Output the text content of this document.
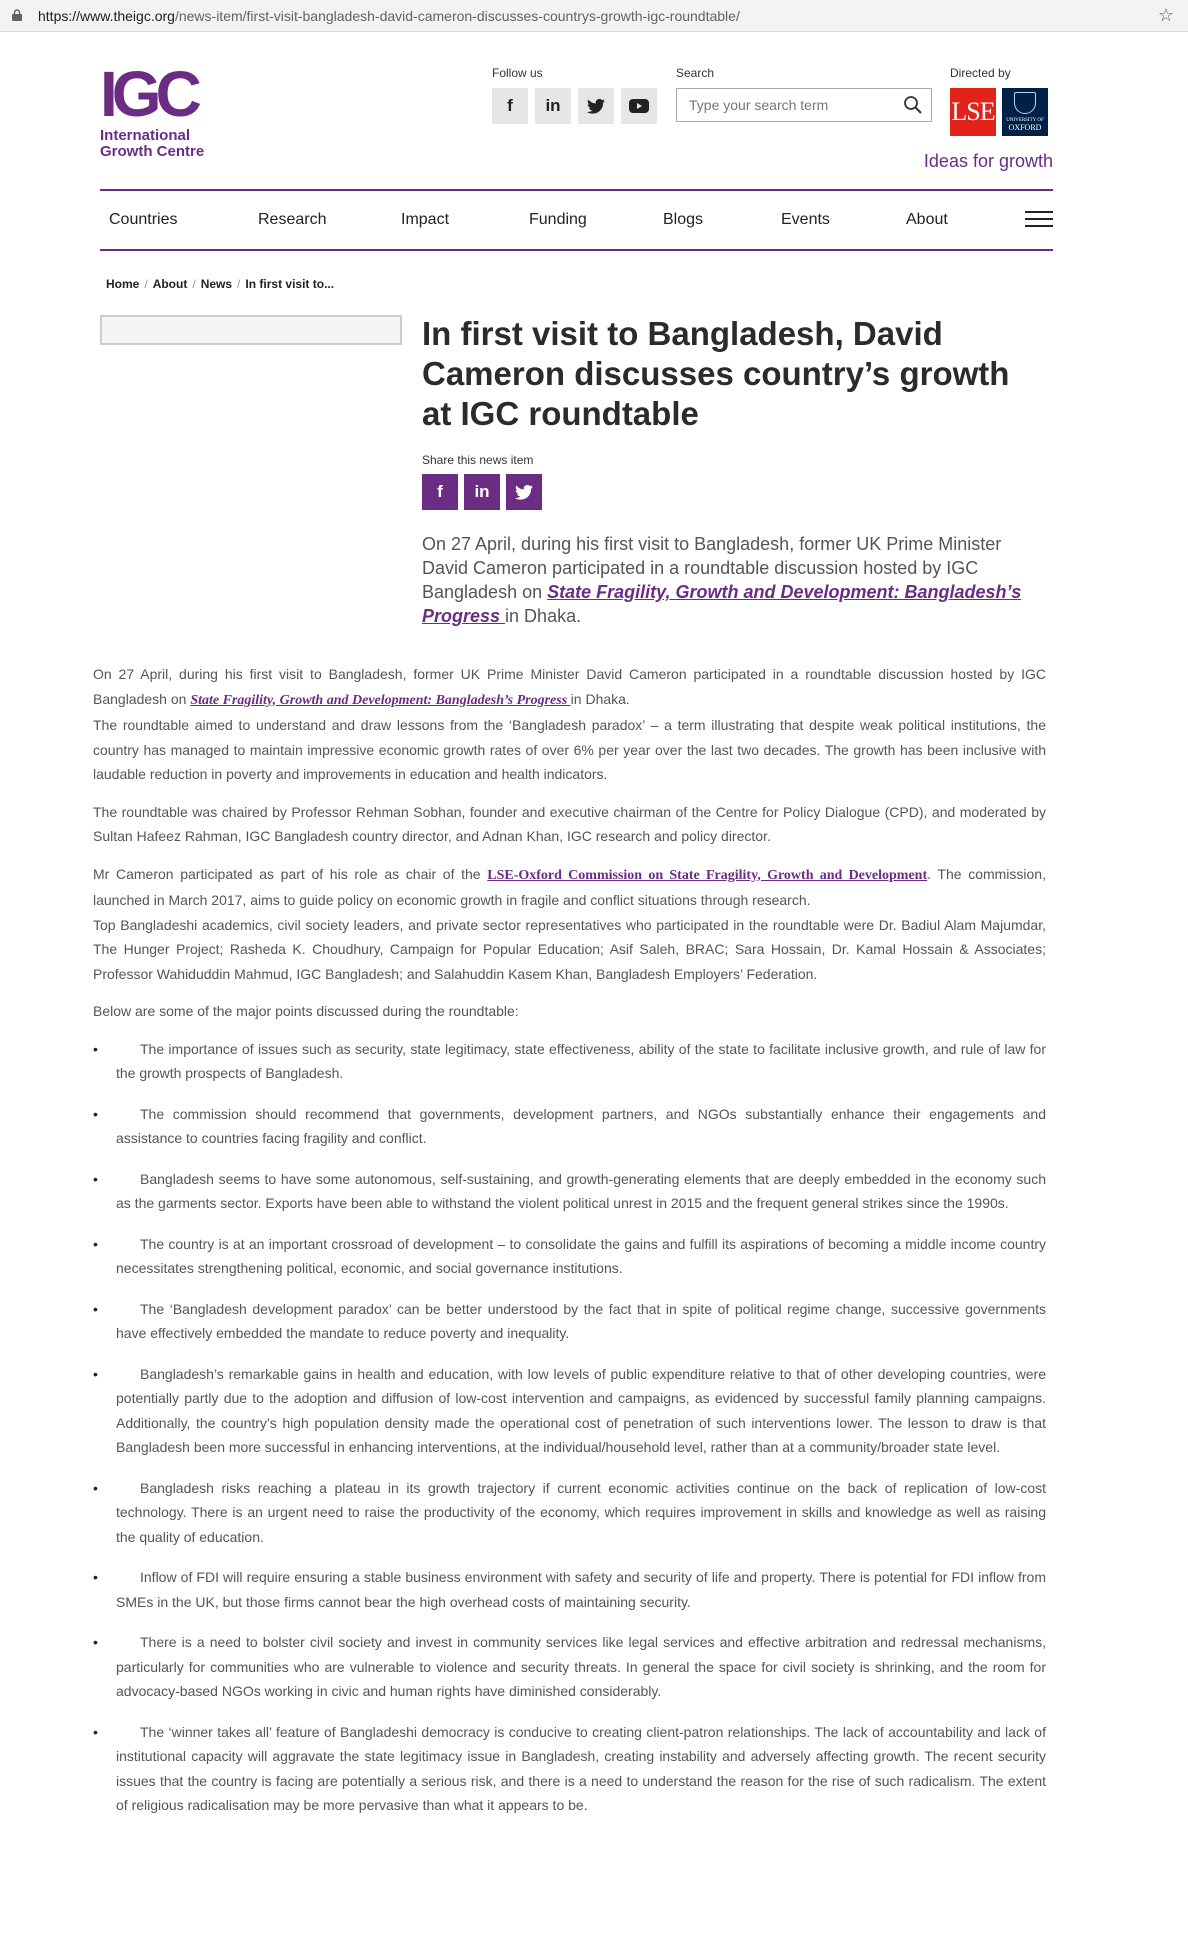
https://www.theigc.org/news-item/first-visit-bangladesh-david-cameron-discusses-countrys-growth-igc-roundtable/	☆
IGC
International
Growth Centre
Follow us
f	in
Search
Type your search term	Directed by
LSE UNIVERSITY OF
OXFORD
Ideas for growth
Countries	Research	Impact	Funding	Blogs	Events	About
Home / About / News / In first visit to...
In first visit to Bangladesh, David Cameron discusses country’s growth at IGC roundtable
Share this news item
f	in

On 27 April, during his first visit to Bangladesh, former UK Prime Minister David Cameron participated in a roundtable discussion hosted by IGC Bangladesh on State Fragility, Growth and Development: Bangladesh’s Progress in Dhaka.

On 27 April, during his first visit to Bangladesh, former UK Prime Minister David Cameron participated in a roundtable discussion hosted by IGC Bangladesh on State Fragility, Growth and Development: Bangladesh’s Progress in Dhaka.

The roundtable aimed to understand and draw lessons from the ‘Bangladesh paradox’ – a term illustrating that despite weak political institutions, the country has managed to maintain impressive economic growth rates of over 6% per year over the last two decades. The growth has been inclusive with laudable reduction in poverty and improvements in education and health indicators.

The roundtable was chaired by Professor Rehman Sobhan, founder and executive chairman of the Centre for Policy Dialogue (CPD), and moderated by Sultan Hafeez Rahman, IGC Bangladesh country director, and Adnan Khan, IGC research and policy director.

Mr Cameron participated as part of his role as chair of the LSE-Oxford Commission on State Fragility, Growth and Development. The commission, launched in March 2017, aims to guide policy on economic growth in fragile and conflict situations through research.

Top Bangladeshi academics, civil society leaders, and private sector representatives who participated in the roundtable were Dr. Badiul Alam Majumdar, The Hunger Project; Rasheda K. Choudhury, Campaign for Popular Education; Asif Saleh, BRAC; Sara Hossain, Dr. Kamal Hossain & Associates; Professor Wahiduddin Mahmud, IGC Bangladesh; and Salahuddin Kasem Khan, Bangladesh Employers’ Federation.

Below are some of the major points discussed during the roundtable:

• The importance of issues such as security, state legitimacy, state effectiveness, ability of the state to facilitate inclusive growth, and rule of law for the growth prospects of Bangladesh.
• The commission should recommend that governments, development partners, and NGOs substantially enhance their engagements and assistance to countries facing fragility and conflict.
• Bangladesh seems to have some autonomous, self-sustaining, and growth-generating elements that are deeply embedded in the economy such as the garments sector. Exports have been able to withstand the violent political unrest in 2015 and the frequent general strikes since the 1990s.
• The country is at an important crossroad of development – to consolidate the gains and fulfill its aspirations of becoming a middle income country necessitates strengthening political, economic, and social governance institutions.
• The ‘Bangladesh development paradox’ can be better understood by the fact that in spite of political regime change, successive governments have effectively embedded the mandate to reduce poverty and inequality.
• Bangladesh’s remarkable gains in health and education, with low levels of public expenditure relative to that of other developing countries, were potentially partly due to the adoption and diffusion of low-cost intervention and campaigns, as evidenced by successful family planning campaigns. Additionally, the country’s high population density made the operational cost of penetration of such interventions lower. The lesson to draw is that Bangladesh been more successful in enhancing interventions, at the individual/household level, rather than at a community/broader state level.
• Bangladesh risks reaching a plateau in its growth trajectory if current economic activities continue on the back of replication of low-cost technology. There is an urgent need to raise the productivity of the economy, which requires improvement in skills and knowledge as well as raising the quality of education.
• Inflow of FDI will require ensuring a stable business environment with safety and security of life and property. There is potential for FDI inflow from SMEs in the UK, but those firms cannot bear the high overhead costs of maintaining security.
• There is a need to bolster civil society and invest in community services like legal services and effective arbitration and redressal mechanisms, particularly for communities who are vulnerable to violence and security threats. In general the space for civil society is shrinking, and the room for advocacy-based NGOs working in civic and human rights have diminished considerably.
• The ‘winner takes all’ feature of Bangladeshi democracy is conducive to creating client-patron relationships. The lack of accountability and lack of institutional capacity will aggravate the state legitimacy issue in Bangladesh, creating instability and adversely affecting growth. The recent security issues that the country is facing are potentially a serious risk, and there is a need to understand the reason for the rise of such radicalism. The extent of religious radicalisation may be more pervasive than what it appears to be.
